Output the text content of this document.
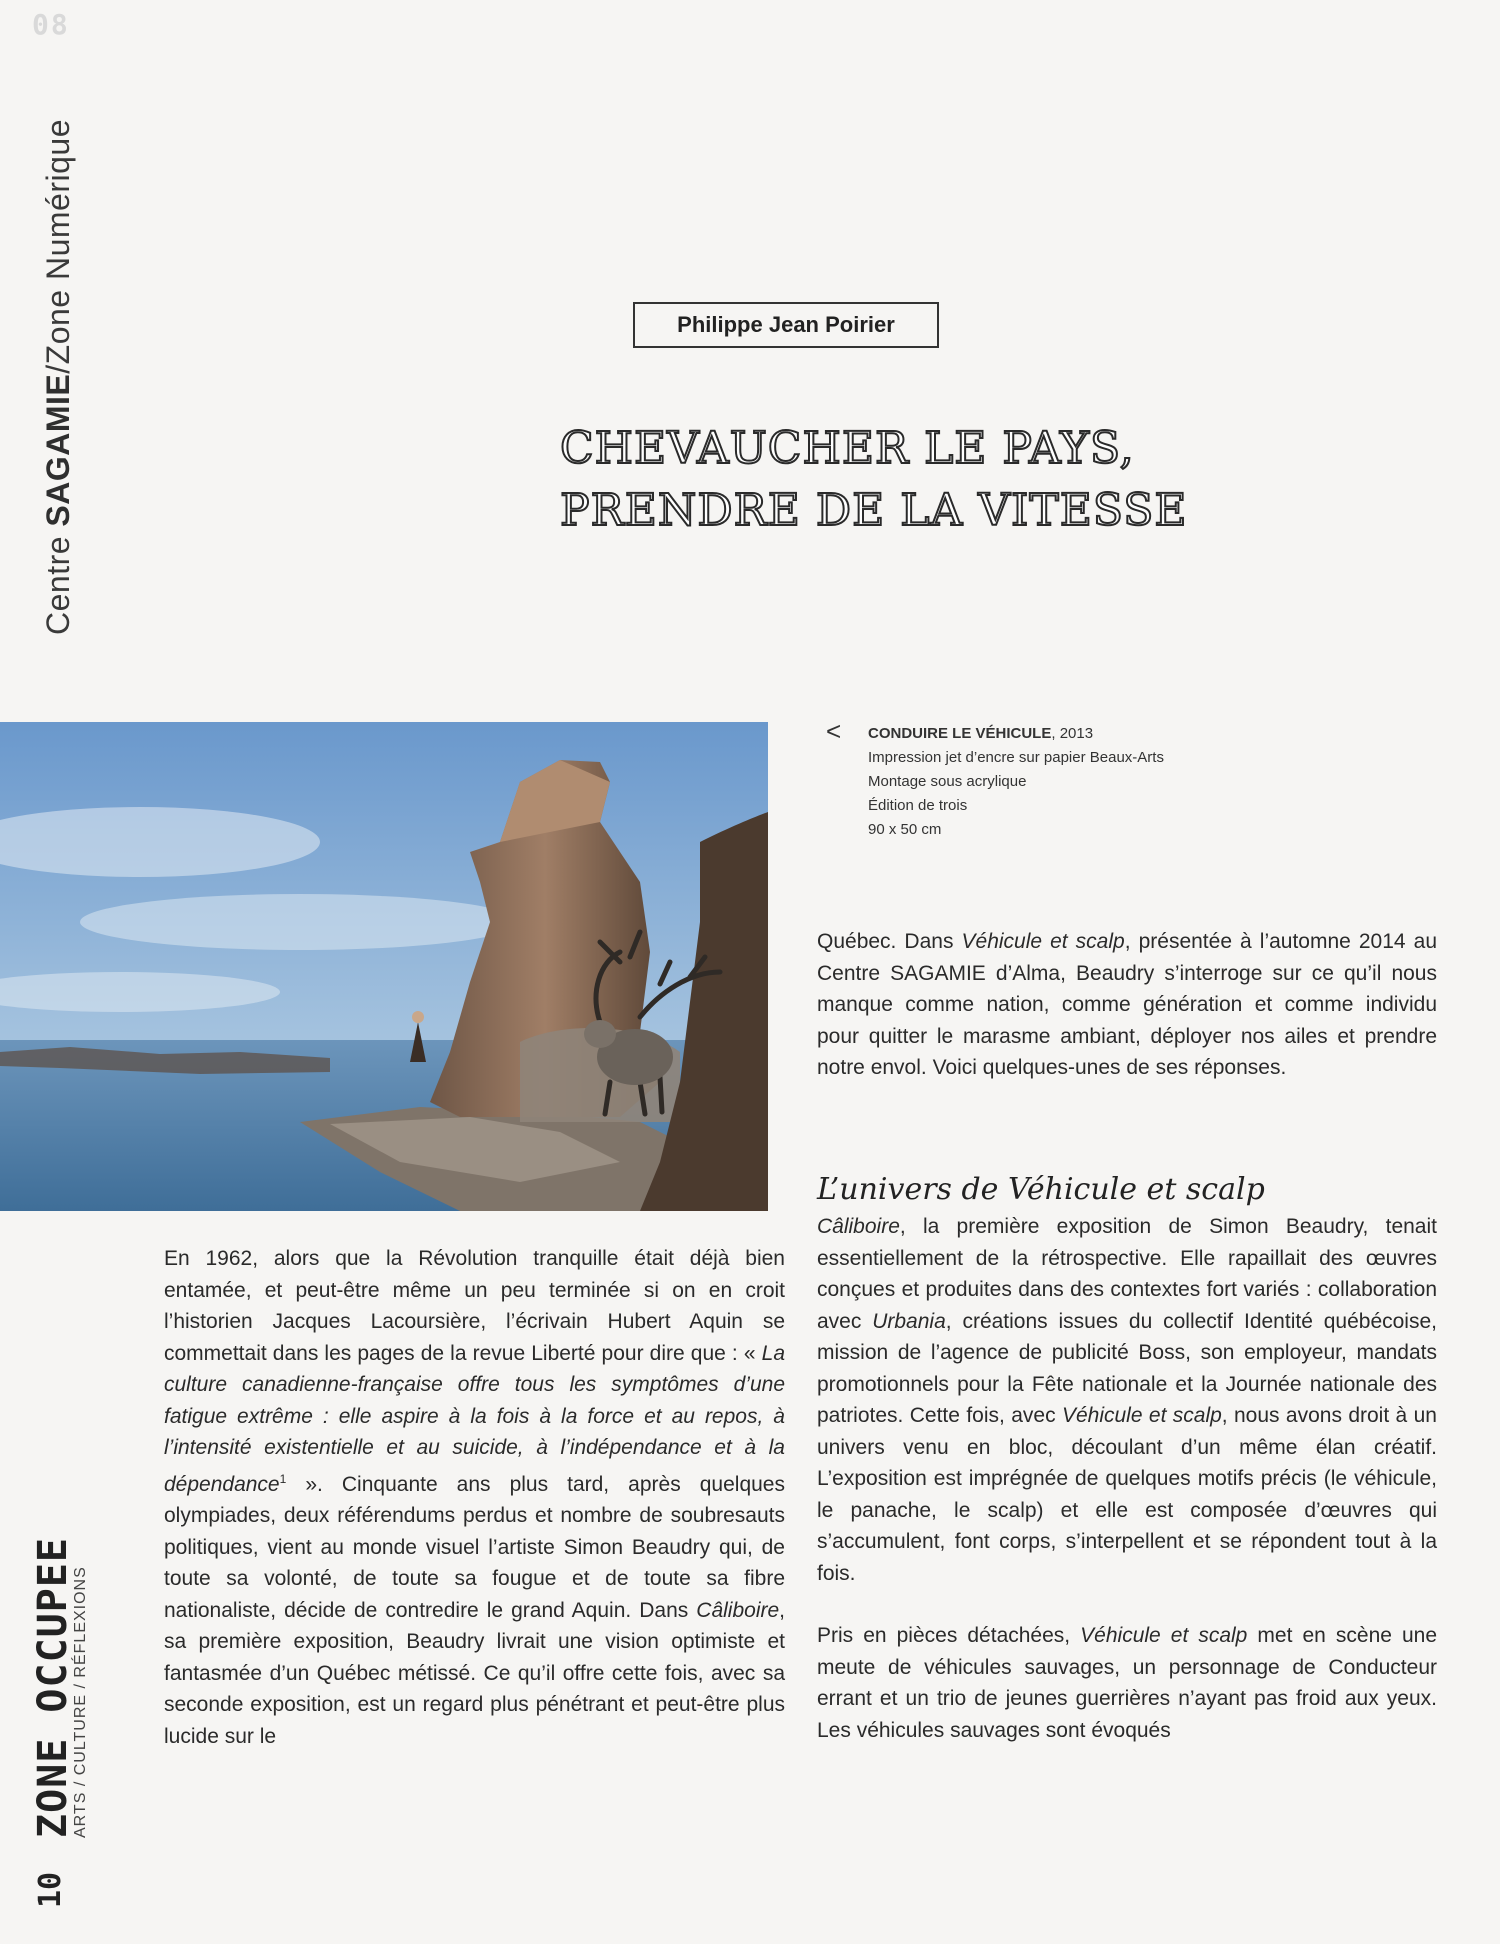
08
Centre SAGAMIE/Zone Numérique
ZONE OCCUPEE
ARTS / CULTURE / RÉFLEXIONS
10
Philippe Jean Poirier
CHEVAUCHER LE PAYS,
PRENDRE DE LA VITESSE
< CONDUIRE LE VÉHICULE, 2013
Impression jet d’encre sur papier Beaux-Arts
Montage sous acrylique
Édition de trois
90 x 50 cm

Québec. Dans Véhicule et scalp, présentée à l’automne 2014 au Centre SAGAMIE d’Alma, Beaudry s’interroge sur ce qu’il nous manque comme nation, comme génération et comme individu pour quitter le marasme ambiant, déployer nos ailes et prendre notre envol. Voici quelques-unes de ses réponses.

L’univers de Véhicule et scalp

Câliboire, la première exposition de Simon Beaudry, tenait essentiellement de la rétrospective. Elle rapaillait des œuvres conçues et produites dans des contextes fort variés : collaboration avec Urbania, créations issues du collectif Identité québécoise, mission de l’agence de publicité Boss, son employeur, mandats promotionnels pour la Fête nationale et la Journée nationale des patriotes. Cette fois, avec Véhicule et scalp, nous avons droit à un univers venu en bloc, découlant d’un même élan créatif. L’exposition est imprégnée de quelques motifs précis (le véhicule, le panache, le scalp) et elle est composée d’œuvres qui s’accumulent, font corps, s’interpellent et se répondent tout à la fois.

Pris en pièces détachées, Véhicule et scalp met en scène une meute de véhicules sauvages, un personnage de Conducteur errant et un trio de jeunes guerrières n’ayant pas froid aux yeux. Les véhicules sauvages sont évoqués

En 1962, alors que la Révolution tranquille était déjà bien entamée, et peut-être même un peu terminée si on en croit l’historien Jacques Lacoursière, l’écrivain Hubert Aquin se commettait dans les pages de la revue Liberté pour dire que : « La culture canadienne-française offre tous les symptômes d’une fatigue extrême : elle aspire à la fois à la force et au repos, à l’intensité existentielle et au suicide, à l’indépendance et à la dépendance$^1$ ». Cinquante ans plus tard, après quelques olympiades, deux référendums perdus et nombre de soubresauts politiques, vient au monde visuel l’artiste Simon Beaudry qui, de toute sa volonté, de toute sa fougue et de toute sa fibre nationaliste, décide de contredire le grand Aquin. Dans Câliboire, sa première exposition, Beaudry livrait une vision optimiste et fantasmée d’un Québec métissé. Ce qu’il offre cette fois, avec sa seconde exposition, est un regard plus pénétrant et peut-être plus lucide sur le
